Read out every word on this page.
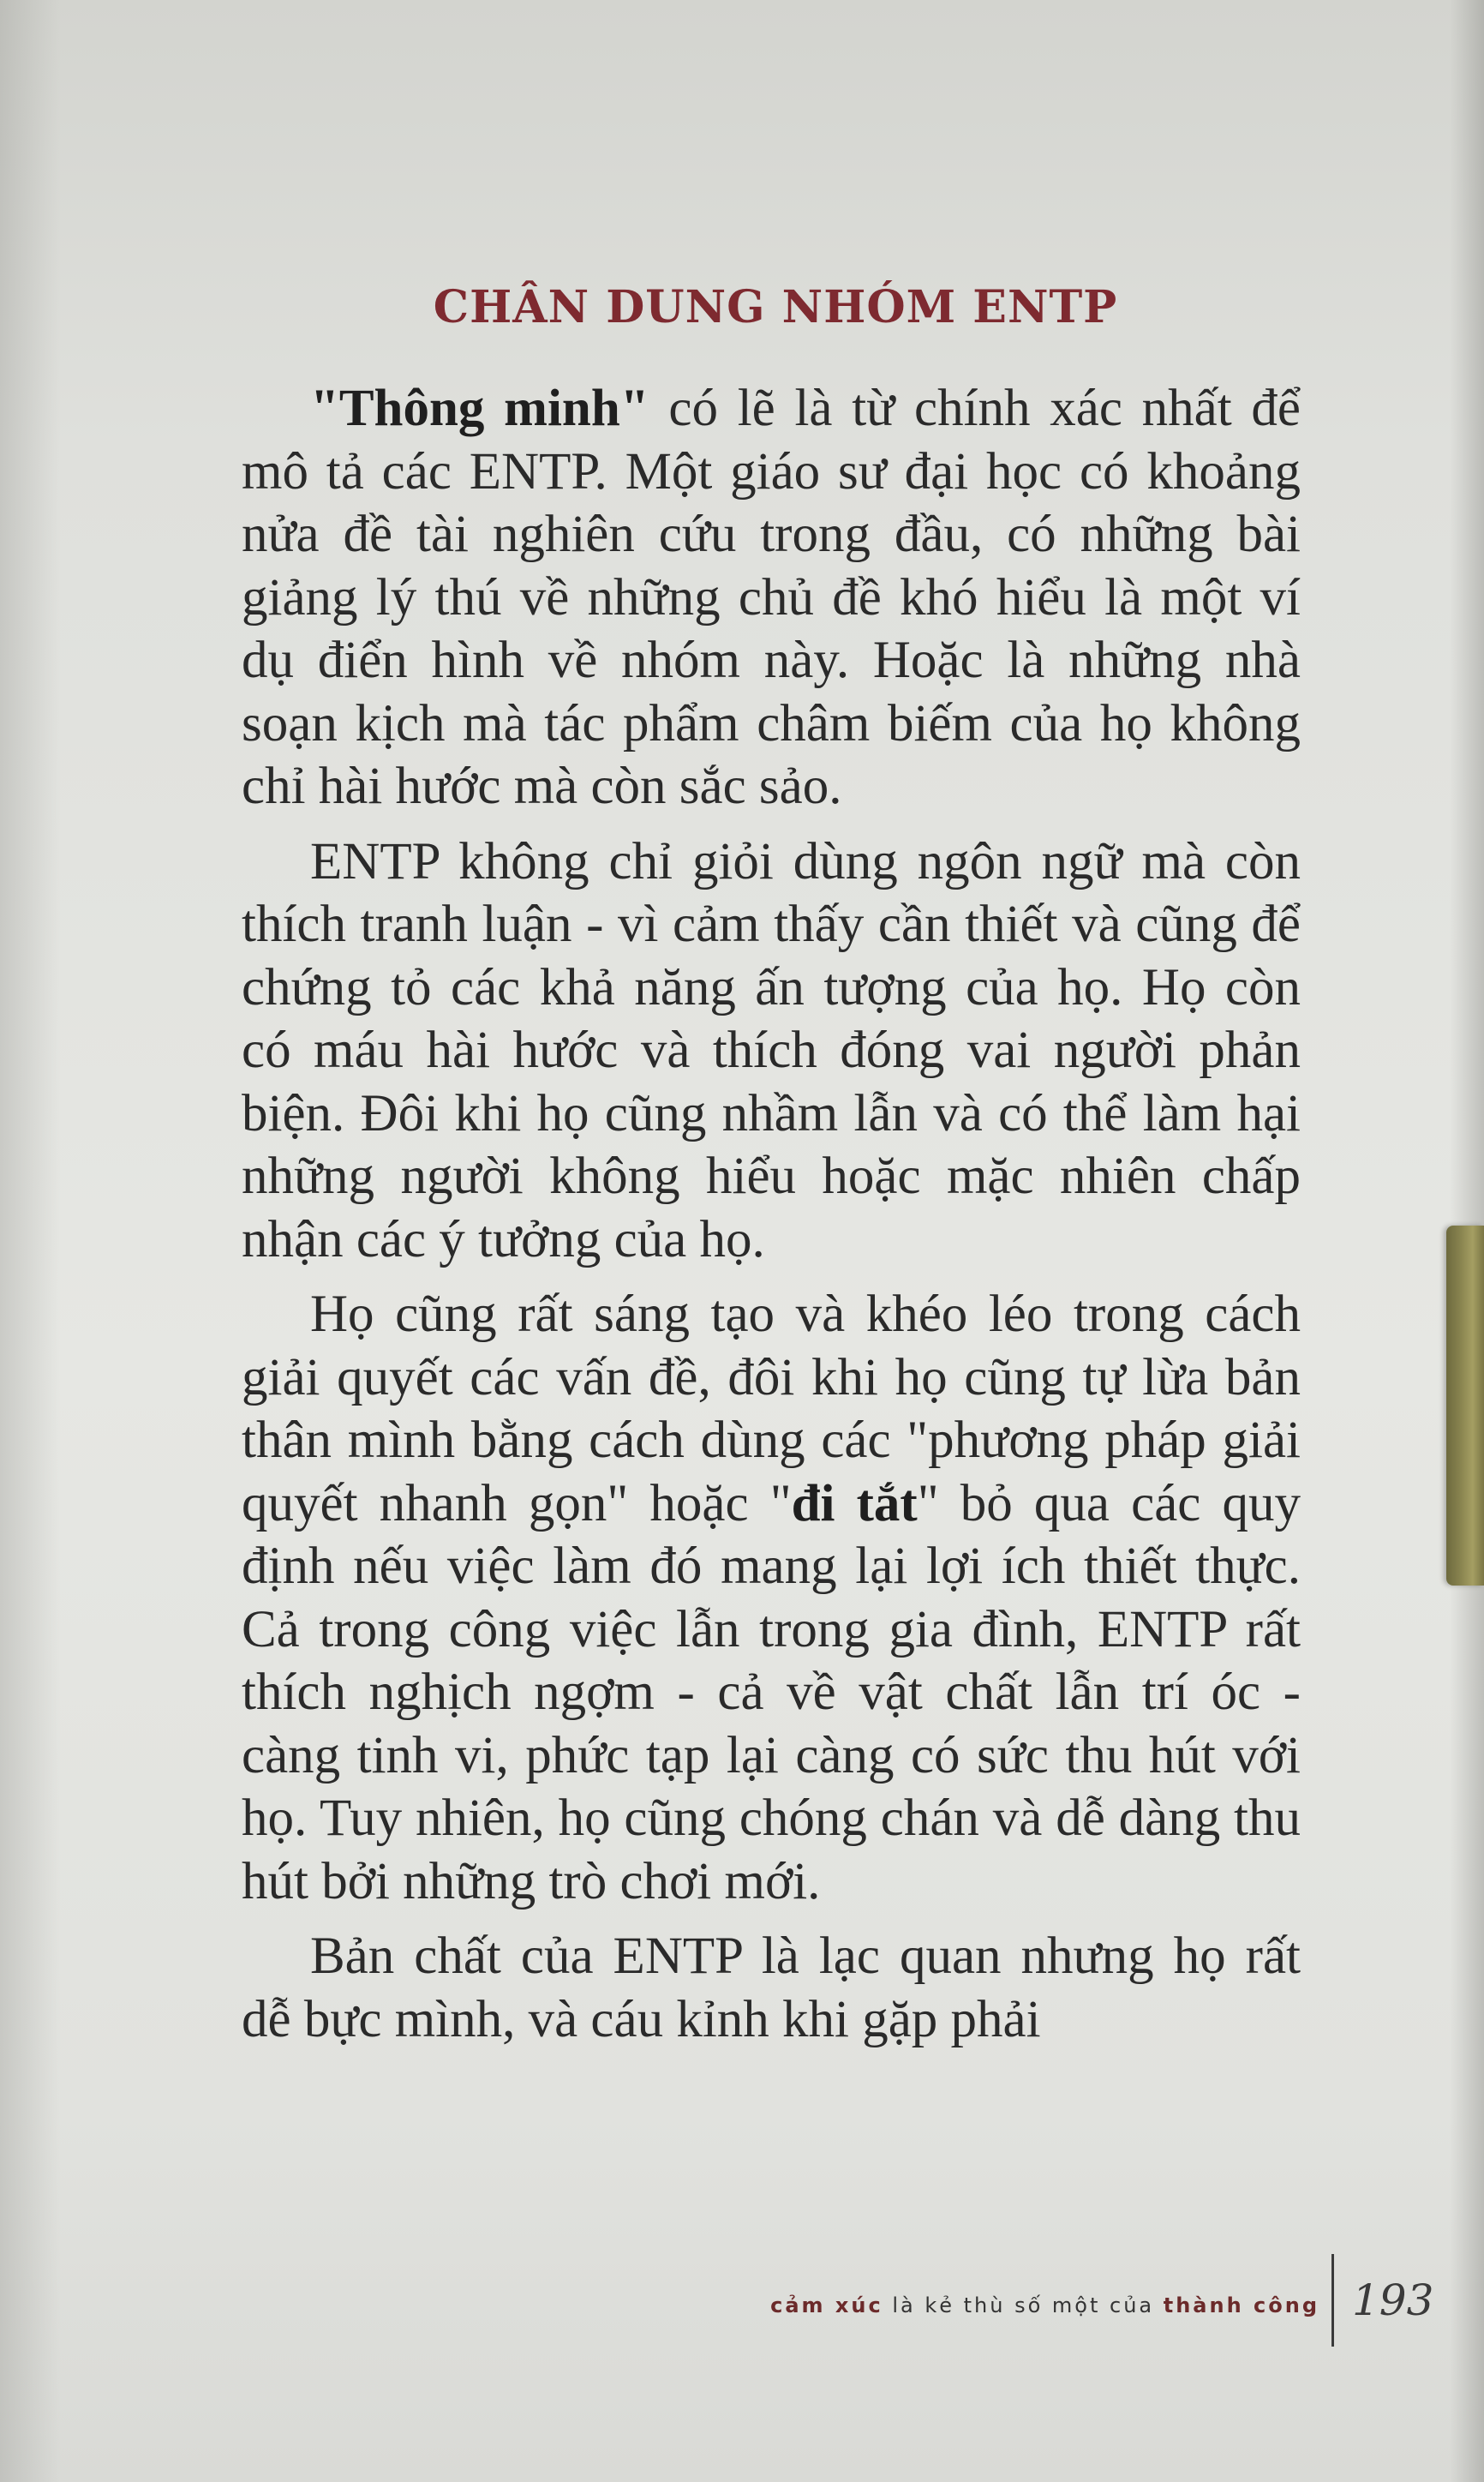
CHÂN DUNG NHÓM ENTP

"Thông minh" có lẽ là từ chính xác nhất để mô tả các ENTP. Một giáo sư đại học có khoảng nửa đề tài nghiên cứu trong đầu, có những bài giảng lý thú về những chủ đề khó hiểu là một ví dụ điển hình về nhóm này. Hoặc là những nhà soạn kịch mà tác phẩm châm biếm của họ không chỉ hài hước mà còn sắc sảo.

ENTP không chỉ giỏi dùng ngôn ngữ mà còn thích tranh luận - vì cảm thấy cần thiết và cũng để chứng tỏ các khả năng ấn tượng của họ. Họ còn có máu hài hước và thích đóng vai người phản biện. Đôi khi họ cũng nhầm lẫn và có thể làm hại những người không hiểu hoặc mặc nhiên chấp nhận các ý tưởng của họ.

Họ cũng rất sáng tạo và khéo léo trong cách giải quyết các vấn đề, đôi khi họ cũng tự lừa bản thân mình bằng cách dùng các "phương pháp giải quyết nhanh gọn" hoặc "đi tắt" bỏ qua các quy định nếu việc làm đó mang lại lợi ích thiết thực. Cả trong công việc lẫn trong gia đình, ENTP rất thích nghịch ngợm - cả về vật chất lẫn trí óc - càng tinh vi, phức tạp lại càng có sức thu hút với họ. Tuy nhiên, họ cũng chóng chán và dễ dàng thu hút bởi những trò chơi mới.

Bản chất của ENTP là lạc quan nhưng họ rất dễ bực mình, và cáu kỉnh khi gặp phải

cảm xúc là kẻ thù số một của thành công 193
